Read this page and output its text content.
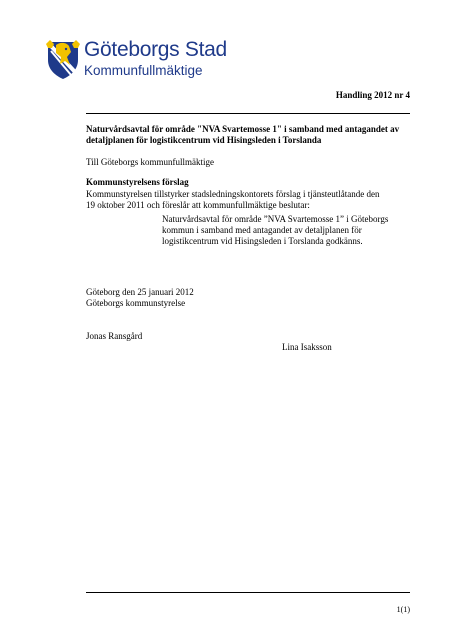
Göteborgs Stad
Kommunfullmäktige
Handling 2012 nr 4
Naturvårdsavtal för område "NVA Svartemosse 1" i samband med antagandet av detaljplanen för logistikcentrum vid Hisingsleden i Torslanda
Till Göteborgs kommunfullmäktige
Kommunstyrelsens förslag
Kommunstyrelsen tillstyrker stadsledningskontorets förslag i tjänsteutlåtande den 19 oktober 2011 och föreslår att kommunfullmäktige beslutar:
Naturvårdsavtal för område ”NVA Svartemosse 1” i Göteborgs kommun i samband med antagandet av detaljplanen för logistikcentrum vid Hisingsleden i Torslanda godkänns.
Göteborg den 25 januari 2012
Göteborgs kommunstyrelse
Jonas Ransgård
Lina Isaksson
1(1)
